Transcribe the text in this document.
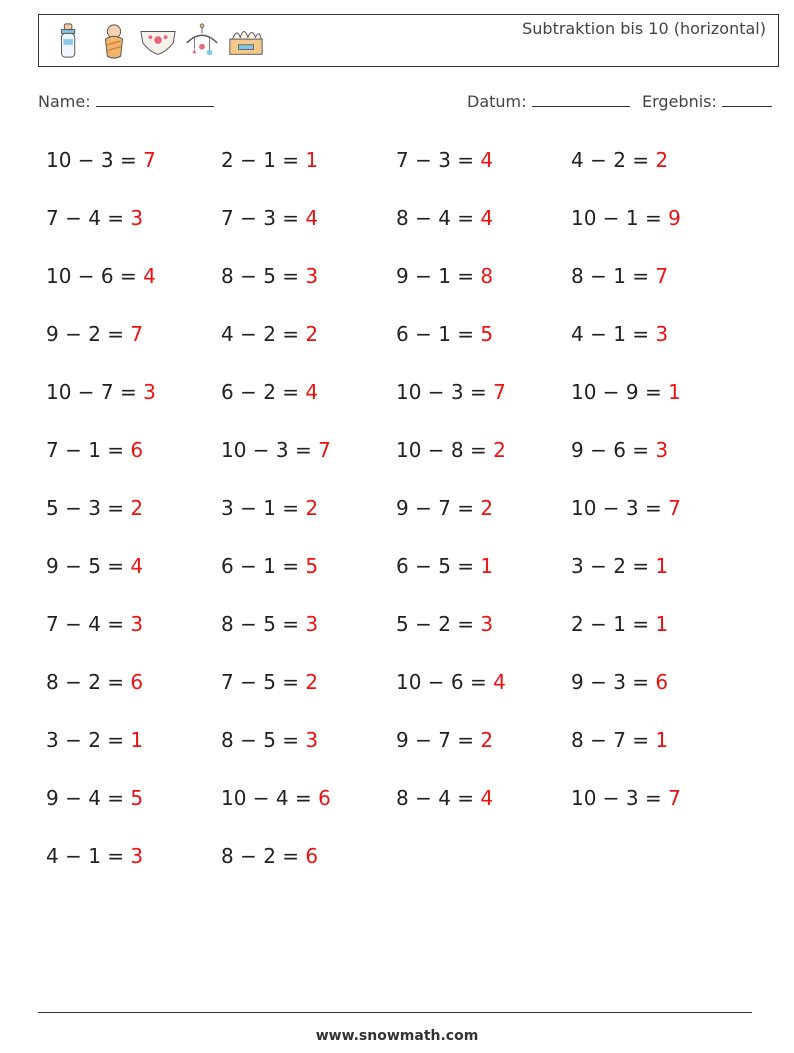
Subtraktion bis 10 (horizontal)
Name:	Datum:	Ergebnis:
10 − 3 = 7
7 − 4 = 3
10 − 6 = 4
9 − 2 = 7
10 − 7 = 3
7 − 1 = 6
5 − 3 = 2
9 − 5 = 4
7 − 4 = 3
8 − 2 = 6
3 − 2 = 1
9 − 4 = 5
4 − 1 = 3
2 − 1 = 1
7 − 3 = 4
8 − 5 = 3
4 − 2 = 2
6 − 2 = 4
10 − 3 = 7
3 − 1 = 2
6 − 1 = 5
8 − 5 = 3
7 − 5 = 2
8 − 5 = 3
10 − 4 = 6
8 − 2 = 6
7 − 3 = 4
8 − 4 = 4
9 − 1 = 8
6 − 1 = 5
10 − 3 = 7
10 − 8 = 2
9 − 7 = 2
6 − 5 = 1
5 − 2 = 3
10 − 6 = 4
9 − 7 = 2
8 − 4 = 4
4 − 2 = 2
10 − 1 = 9
8 − 1 = 7
4 − 1 = 3
10 − 9 = 1
9 − 6 = 3
10 − 3 = 7
3 − 2 = 1
2 − 1 = 1
9 − 3 = 6
8 − 7 = 1
10 − 3 = 7
www.snowmath.com
